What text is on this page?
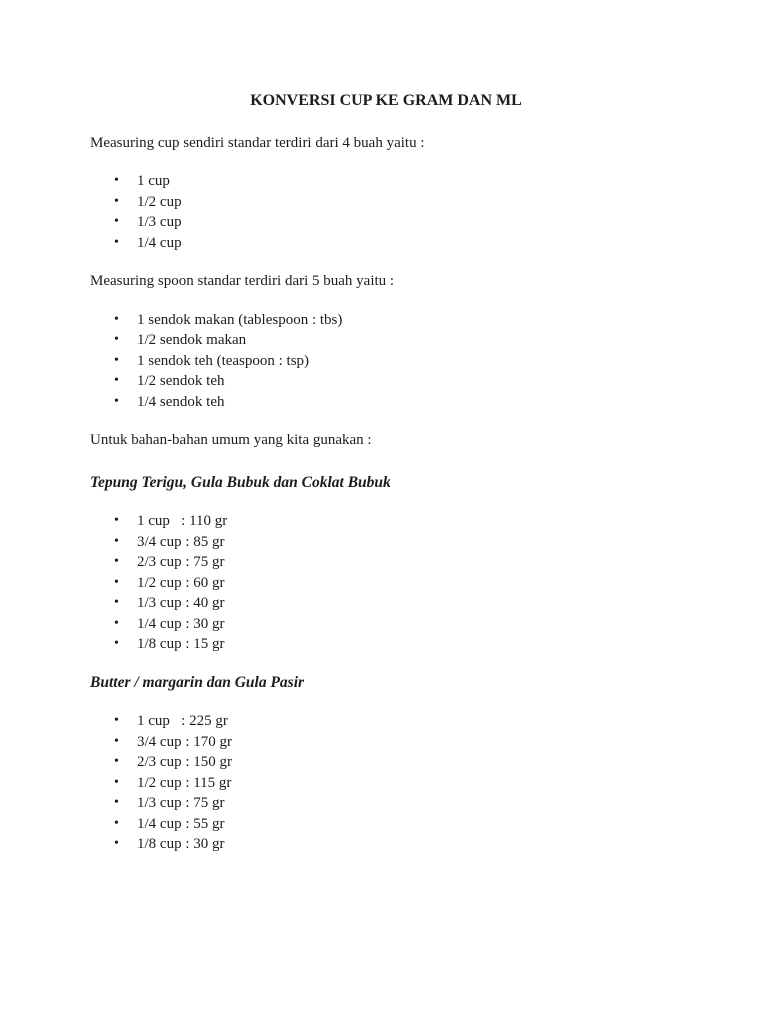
KONVERSI CUP KE GRAM DAN ML

Measuring cup sendiri standar terdiri dari 4 buah yaitu :

• 1 cup
• 1/2 cup
• 1/3 cup
• 1/4 cup

Measuring spoon standar terdiri dari 5 buah yaitu :

• 1 sendok makan (tablespoon : tbs)
• 1/2 sendok makan
• 1 sendok teh (teaspoon : tsp)
• 1/2 sendok teh
• 1/4 sendok teh

Untuk bahan-bahan umum yang kita gunakan :

Tepung Terigu, Gula Bubuk dan Coklat Bubuk
• 1 cup   : 110 gr
• 3/4 cup : 85 gr
• 2/3 cup : 75 gr
• 1/2 cup : 60 gr
• 1/3 cup : 40 gr
• 1/4 cup : 30 gr
• 1/8 cup : 15 gr
Butter / margarin dan Gula Pasir
• 1 cup   : 225 gr
• 3/4 cup : 170 gr
• 2/3 cup : 150 gr
• 1/2 cup : 115 gr
• 1/3 cup : 75 gr
• 1/4 cup : 55 gr
• 1/8 cup : 30 gr
